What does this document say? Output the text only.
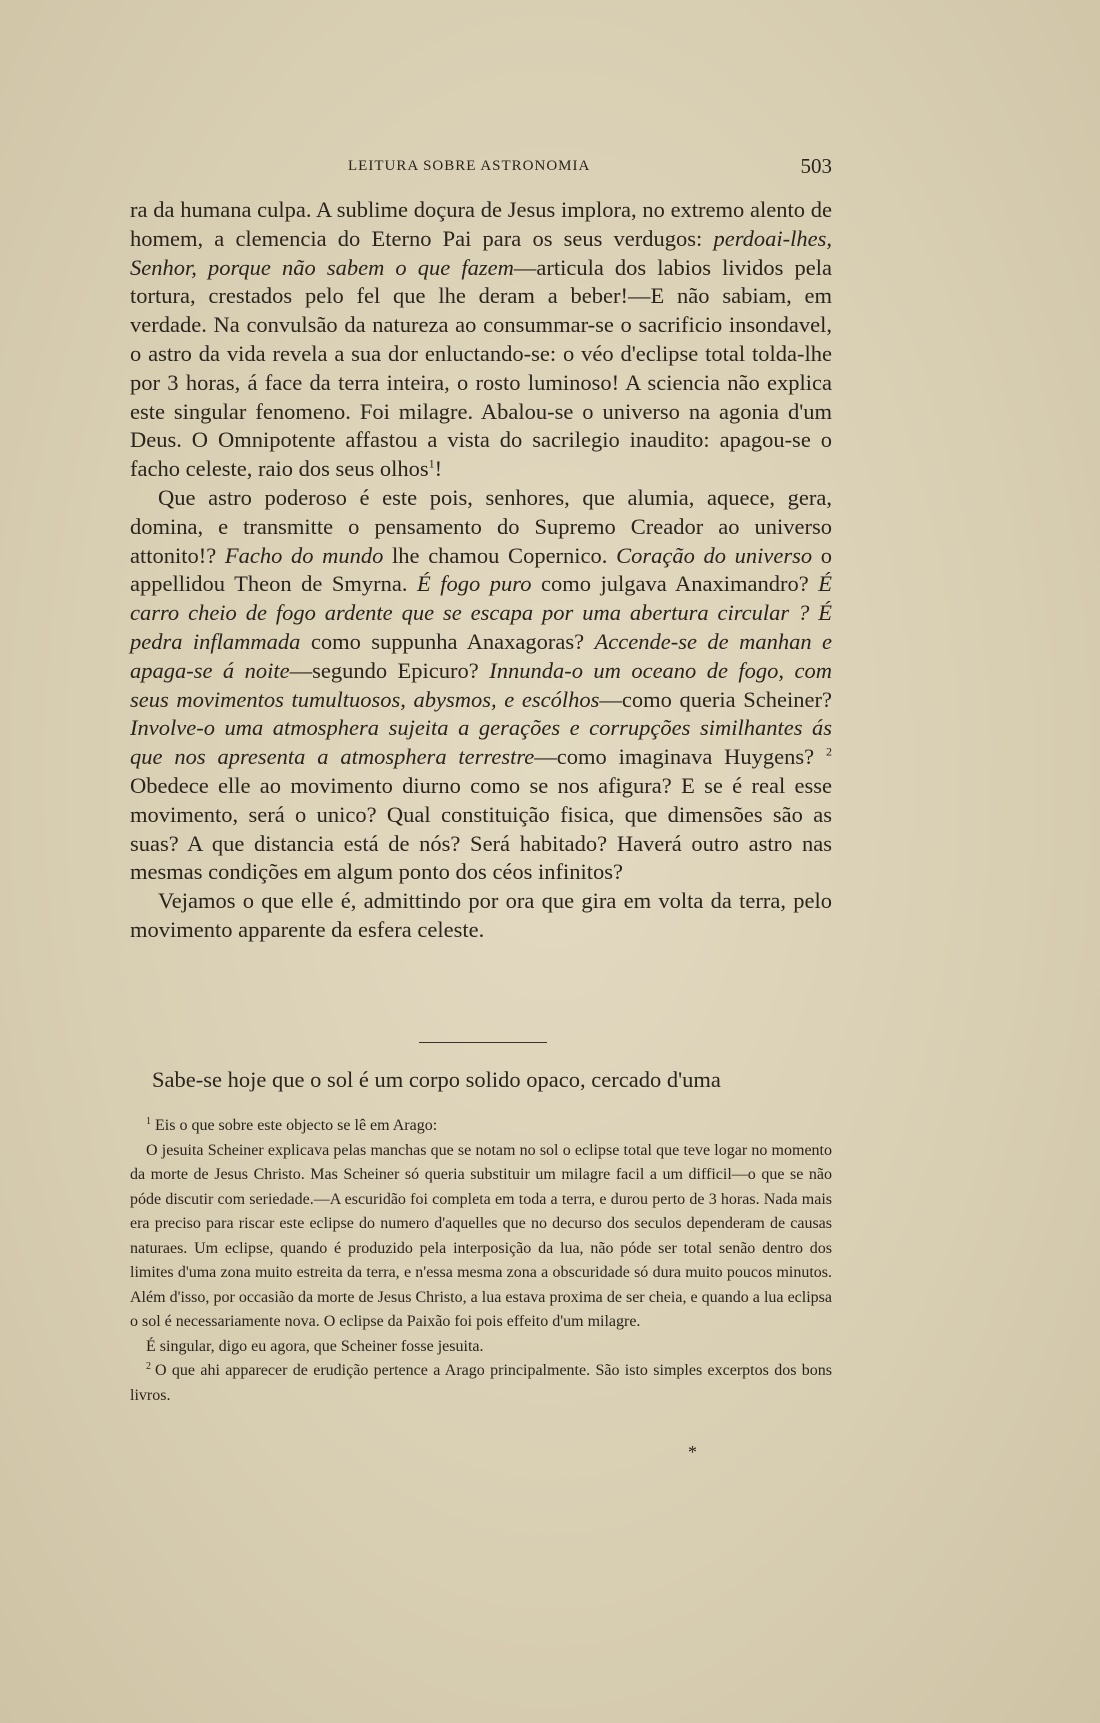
LEITURA SOBRE ASTRONOMIA	503

ra da humana culpa. A sublime doçura de Jesus implora, no extremo alento de homem, a clemencia do Eterno Pai para os seus verdugos: perdoai-lhes, Senhor, porque não sabem o que fazem—articula dos labios lividos pela tortura, crestados pelo fel que lhe deram a beber!—E não sabiam, em verdade. Na convulsão da natureza ao consummar-se o sacrificio insondavel, o astro da vida revela a sua dor enluctando-se: o véo d'eclipse total tolda-lhe por 3 horas, á face da terra inteira, o rosto luminoso! A sciencia não explica este singular fenomeno. Foi milagre. Abalou-se o universo na agonia d'um Deus. O Omnipotente affastou a vista do sacrilegio inaudito: apagou-se o facho celeste, raio dos seus olhos$^1$!

Que astro poderoso é este pois, senhores, que alumia, aquece, gera, domina, e transmitte o pensamento do Supremo Creador ao universo attonito!? Facho do mundo lhe chamou Copernico. Coração do universo o appellidou Theon de Smyrna. É fogo puro como julgava Anaximandro? É carro cheio de fogo ardente que se escapa por uma abertura circular ? É pedra inflammada como suppunha Anaxagoras? Accende-se de manhan e apaga-se á noite—segundo Epicuro? Innunda-o um oceano de fogo, com seus movimentos tumultuosos, abysmos, e escólhos—como queria Scheiner? Involve-o uma atmosphera sujeita a gerações e corrupções similhantes ás que nos apresenta a atmosphera terrestre—como imaginava Huygens? $^2$ Obedece elle ao movimento diurno como se nos afigura? E se é real esse movimento, será o unico? Qual constituição fisica, que dimensões são as suas? A que distancia está de nós? Será habitado? Haverá outro astro nas mesmas condições em algum ponto dos céos infinitos?

Vejamos o que elle é, admittindo por ora que gira em volta da terra, pelo movimento apparente da esfera celeste.

Sabe-se hoje que o sol é um corpo solido opaco, cercado d'uma

$^1$ Eis o que sobre este objecto se lê em Arago:

O jesuita Scheiner explicava pelas manchas que se notam no sol o eclipse total que teve logar no momento da morte de Jesus Christo. Mas Scheiner só queria substituir um milagre facil a um difficil—o que se não póde discutir com seriedade.—A escuridão foi completa em toda a terra, e durou perto de 3 horas. Nada mais era preciso para riscar este eclipse do numero d'aquelles que no decurso dos seculos dependeram de causas naturaes. Um eclipse, quando é produzido pela interposição da lua, não póde ser total senão dentro dos limites d'uma zona muito estreita da terra, e n'essa mesma zona a obscuridade só dura muito poucos minutos. Além d'isso, por occasião da morte de Jesus Christo, a lua estava proxima de ser cheia, e quando a lua eclipsa o sol é necessariamente nova. O eclipse da Paixão foi pois effeito d'um milagre.

É singular, digo eu agora, que Scheiner fosse jesuita.

$^2$ O que ahi apparecer de erudição pertence a Arago principalmente. São isto simples excerptos dos bons livros.

*
